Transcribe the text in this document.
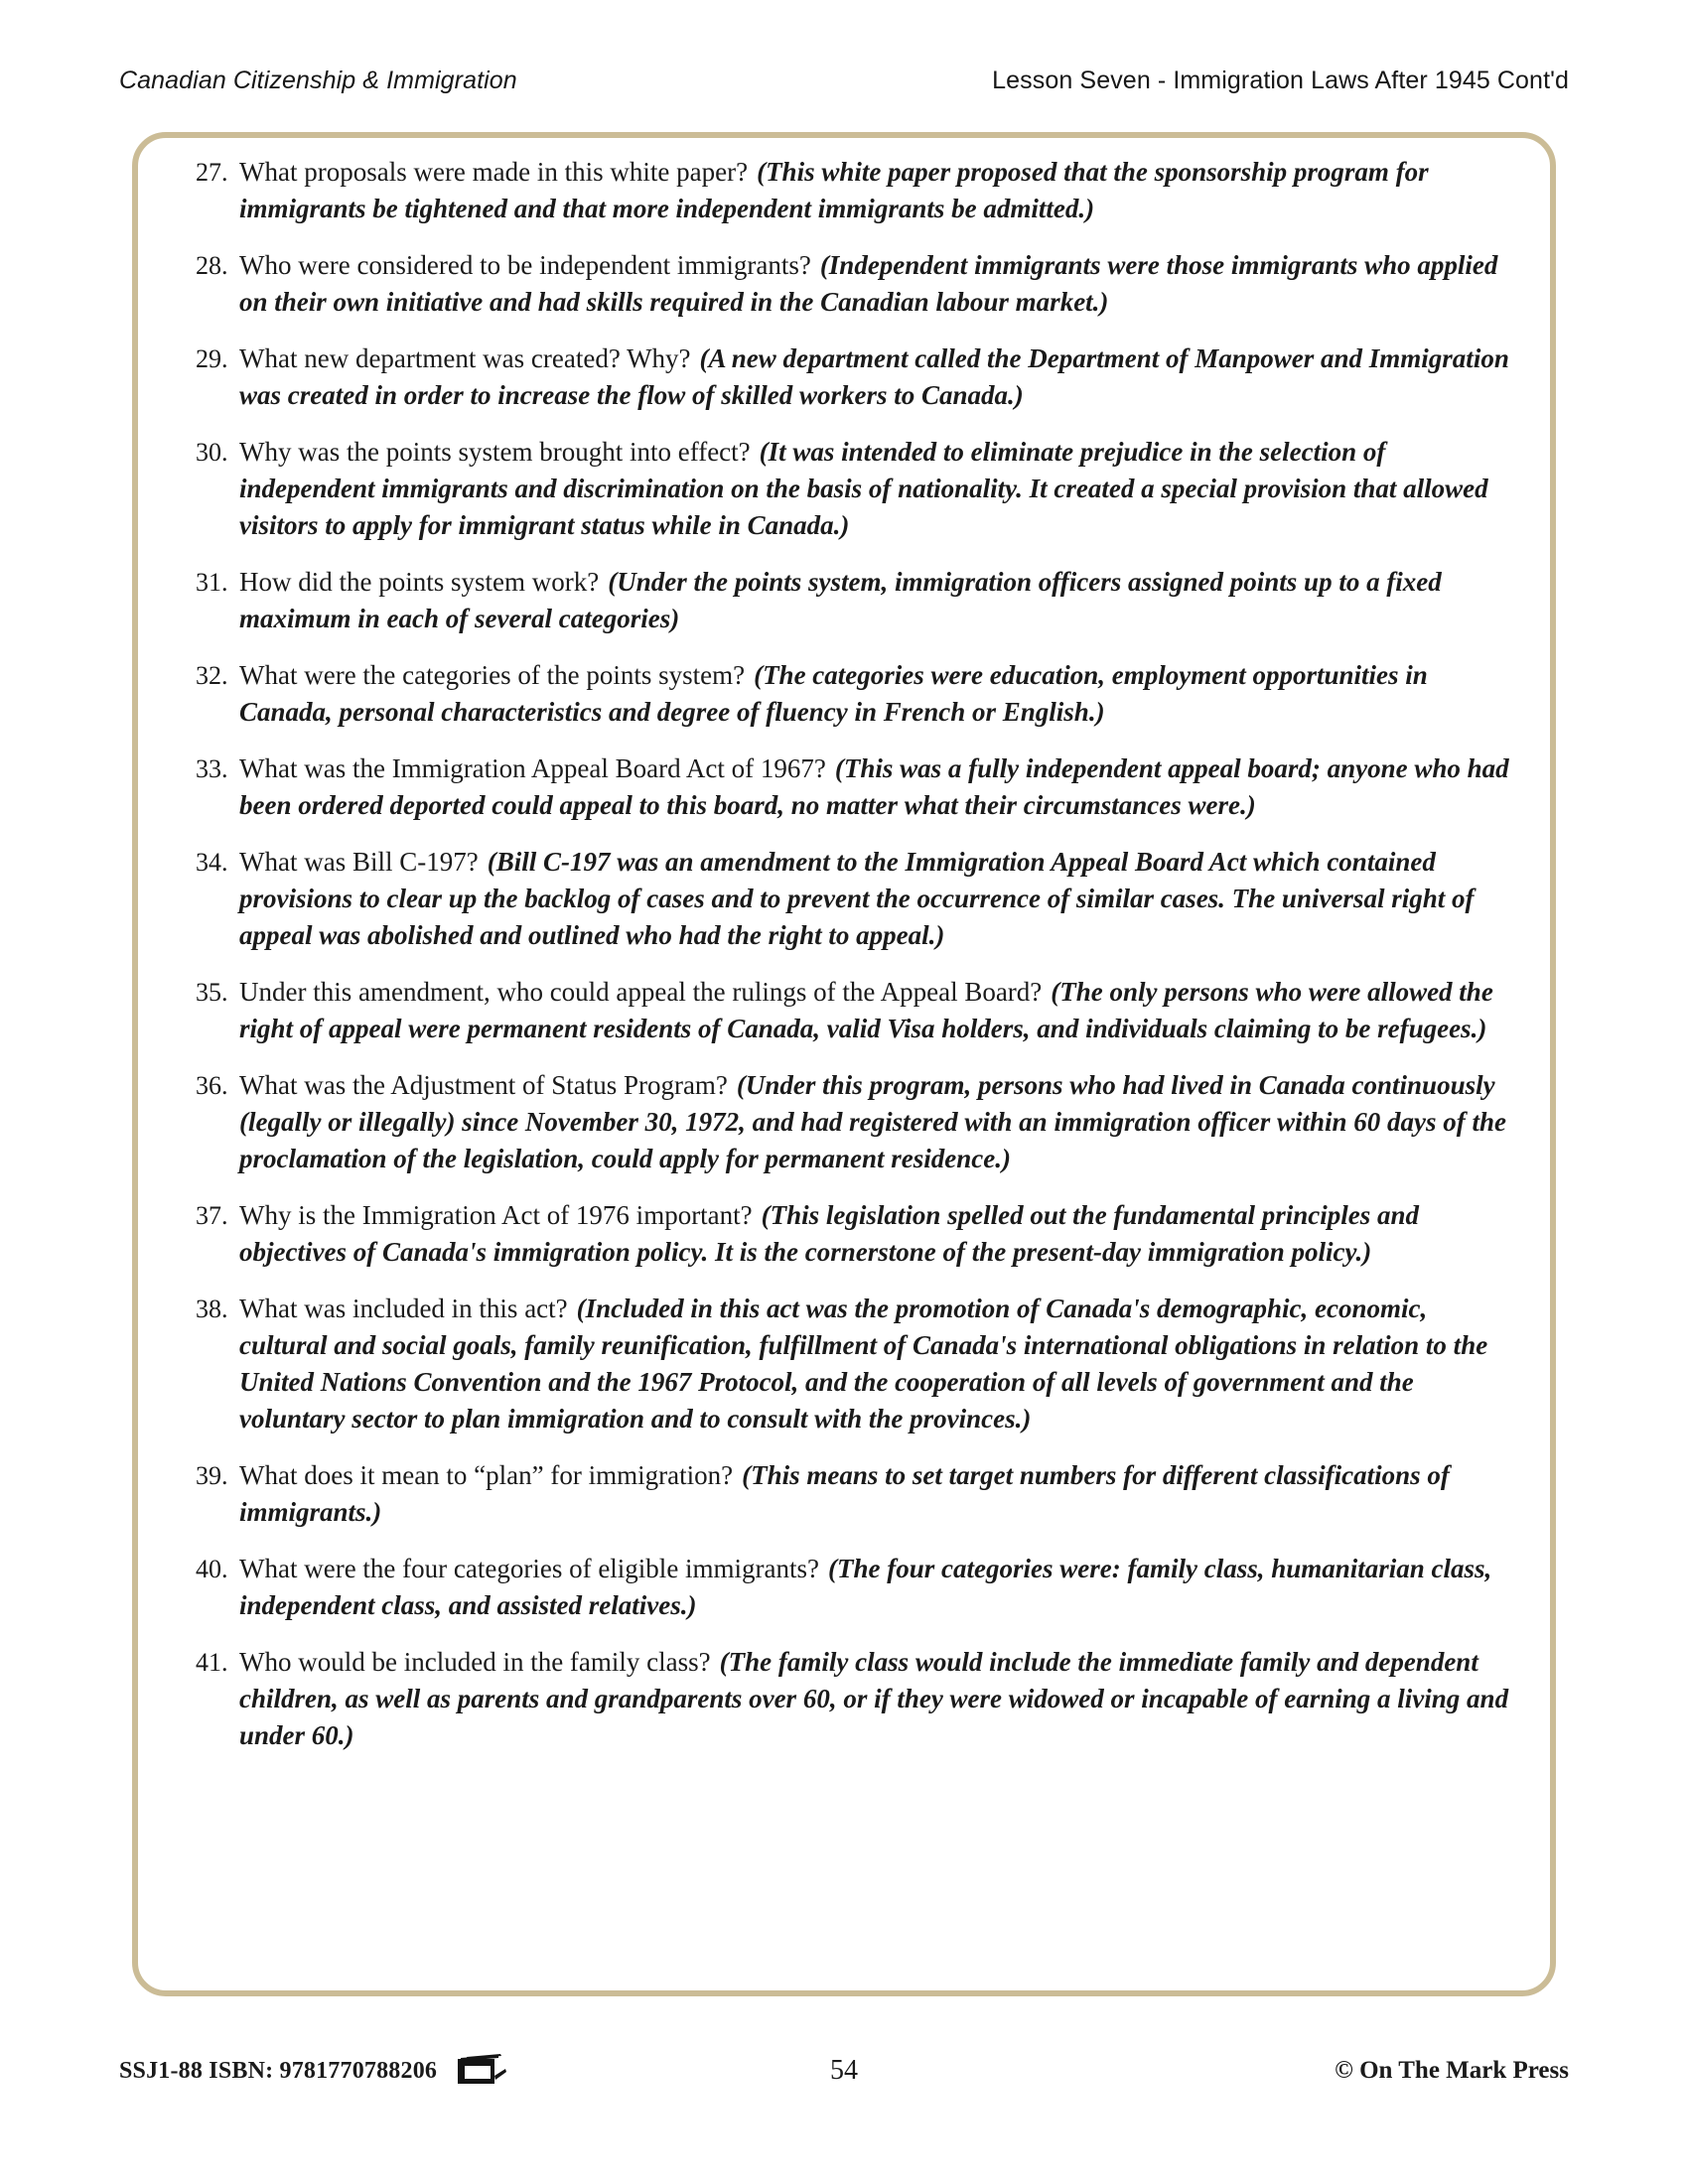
Canadian Citizenship & Immigration	Lesson Seven - Immigration Laws After 1945 Cont'd
27. What proposals were made in this white paper? (This white paper proposed that the sponsorship program for immigrants be tightened and that more independent immigrants be admitted.)
28. Who were considered to be independent immigrants? (Independent immigrants were those immigrants who applied on their own initiative and had skills required in the Canadian labour market.)
29. What new department was created? Why? (A new department called the Department of Manpower and Immigration was created in order to increase the flow of skilled workers to Canada.)
30. Why was the points system brought into effect? (It was intended to eliminate prejudice in the selection of independent immigrants and discrimination on the basis of nationality. It created a special provision that allowed visitors to apply for immigrant status while in Canada.)
31. How did the points system work? (Under the points system, immigration officers assigned points up to a fixed maximum in each of several categories)
32. What were the categories of the points system? (The categories were education, employment opportunities in Canada, personal characteristics and degree of fluency in French or English.)
33. What was the Immigration Appeal Board Act of 1967? (This was a fully independent appeal board; anyone who had been ordered deported could appeal to this board, no matter what their circumstances were.)
34. What was Bill C-197? (Bill C-197 was an amendment to the Immigration Appeal Board Act which contained provisions to clear up the backlog of cases and to prevent the occurrence of similar cases. The universal right of appeal was abolished and outlined who had the right to appeal.)
35. Under this amendment, who could appeal the rulings of the Appeal Board? (The only persons who were allowed the right of appeal were permanent residents of Canada, valid Visa holders, and individuals claiming to be refugees.)
36. What was the Adjustment of Status Program? (Under this program, persons who had lived in Canada continuously (legally or illegally) since November 30, 1972, and had registered with an immigration officer within 60 days of the proclamation of the legislation, could apply for permanent residence.)
37. Why is the Immigration Act of 1976 important? (This legislation spelled out the fundamental principles and objectives of Canada's immigration policy. It is the cornerstone of the present-day immigration policy.)
38. What was included in this act? (Included in this act was the promotion of Canada's demographic, economic, cultural and social goals, family reunification, fulfillment of Canada's international obligations in relation to the United Nations Convention and the 1967 Protocol, and the cooperation of all levels of government and the voluntary sector to plan immigration and to consult with the provinces.)
39. What does it mean to “plan” for immigration? (This means to set target numbers for different classifications of immigrants.)
40. What were the four categories of eligible immigrants? (The four categories were: family class, humanitarian class, independent class, and assisted relatives.)
41. Who would be included in the family class? (The family class would include the immediate family and dependent children, as well as parents and grandparents over 60, or if they were widowed or incapable of earning a living and under 60.)
SSJ1-88 ISBN: 9781770788206	54	© On The Mark Press
